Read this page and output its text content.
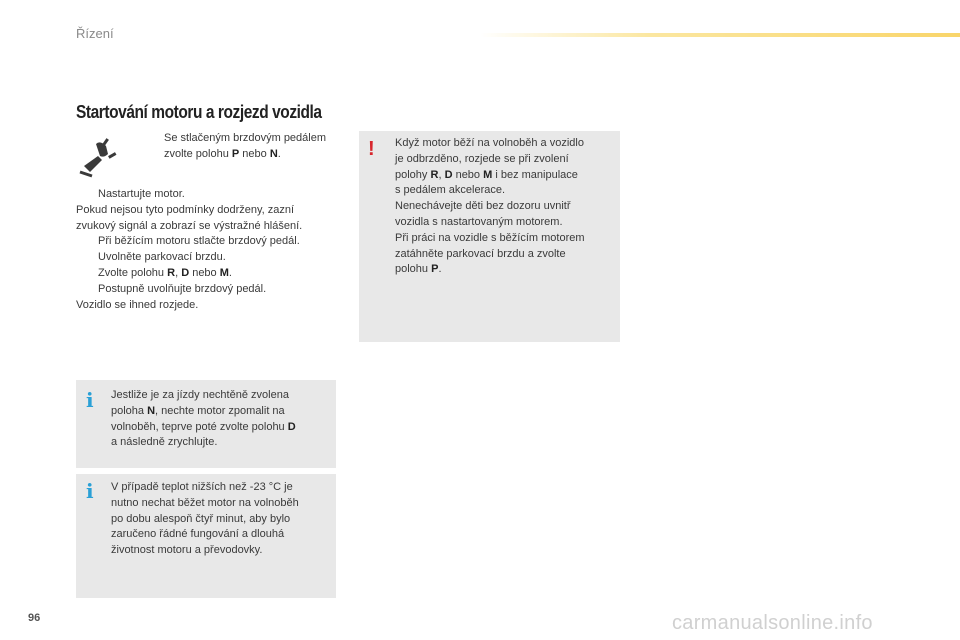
Řízení
Startování motoru a rozjezd vozidla
Se stlačeným brzdovým pedálem
zvolte polohu P nebo N.
Nastartujte motor.
Pokud nejsou tyto podmínky dodrženy, zazní
zvukový signál a zobrazí se výstražné hlášení.
Při běžícím motoru stlačte brzdový pedál.
Uvolněte parkovací brzdu.
Zvolte polohu R, D nebo M.
Postupně uvolňujte brzdový pedál.
Vozidlo se ihned rozjede.
!	Když motor běží na volnoběh a vozidlo
je odbrzděno, rozjede se při zvolení
polohy R, D nebo M i bez manipulace
s pedálem akcelerace.
Nenechávejte děti bez dozoru uvnitř
vozidla s nastartovaným motorem.
Při práci na vozidle s běžícím motorem
zatáhněte parkovací brzdu a zvolte
polohu P.
i Jestliže je za jízdy nechtěně zvolena
poloha N, nechte motor zpomalit na
volnoběh, teprve poté zvolte polohu D
a následně zrychlujte.
i V případě teplot nižších než -23 °C je
nutno nechat běžet motor na volnoběh
po dobu alespoň čtyř minut, aby bylo
zaručeno řádné fungování a dlouhá
životnost motoru a převodovky.
96	carmanualsonline.info
